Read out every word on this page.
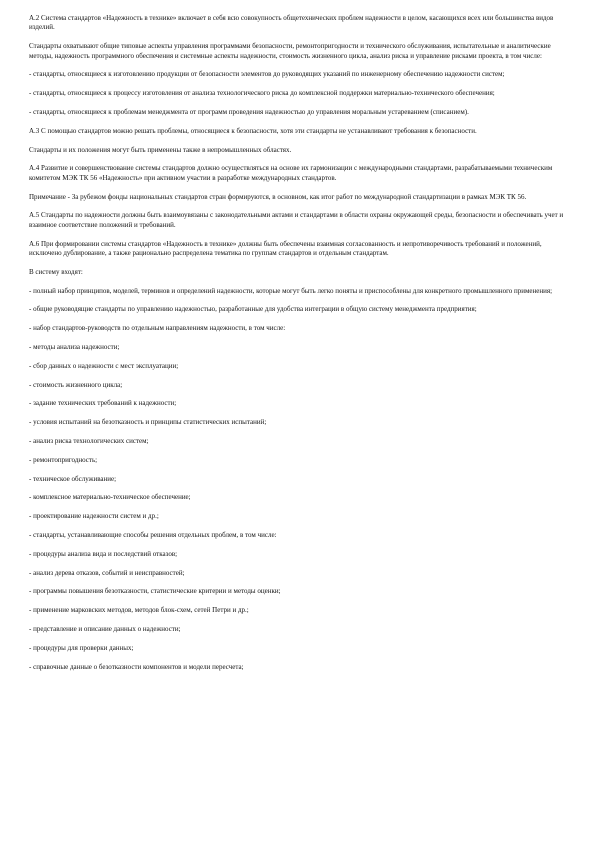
А.2 Система стандартов «Надежность в технике» включает в себя всю совокупность общетехнических проблем надежности в целом, касающихся всех или большинства видов изделий.

Стандарты охватывают общие типовые аспекты управления программами безопасности, ремонтопригодности и технического обслуживания, испытательные и аналитические методы, надежность программного обеспечения и системные аспекты надежности, стоимость жизненного цикла, анализ риска и управление рисками проекта, в том числе:

- стандарты, относящиеся к изготовлению продукции от безопасности элементов до руководящих указаний по инженерному обеспечению надежности систем;

- стандарты, относящиеся к процессу изготовления от анализа технологического риска до комплексной поддержки материально-технического обеспечения;

- стандарты, относящиеся к проблемам менеджмента от программ проведения надежностью до управления моральным устареванием (списанием).

А.3 С помощью стандартов можно решать проблемы, относящиеся к безопасности, хотя эти стандарты не устанавливают требования к безопасности.

Стандарты и их положения могут быть применены также в непромышленных областях.

А.4 Развитие и совершенствование системы стандартов должно осуществляться на основе их гармонизации с международными стандартами, разрабатываемыми техническим комитетом МЭК ТК 56 «Надежность» при активном участии в разработке международных стандартов.

Примечание - За рубежом фонды национальных стандартов стран формируются, в основном, как итог работ по международной стандартизации в рамках МЭК ТК 56.

А.5 Стандарты по надежности должны быть взаимоувязаны с законодательными актами и стандартами в области охраны окружающей среды, безопасности и обеспечивать учет и взаимное соответствие положений и требований.

А.6 При формировании системы стандартов «Надежность в технике» должны быть обеспечены взаимная согласованность и непротиворечивость требований и положений, исключено дублирование, а также рационально распределена тематика по группам стандартов и отдельным стандартам.

В систему входят:

- полный набор принципов, моделей, терминов и определений надежности, которые могут быть легко поняты и приспособлены для конкретного промышленного применения;

- общие руководящие стандарты по управлению надежностью, разработанные для удобства интеграции в общую систему менеджмента предприятия;

- набор стандартов-руководств по отдельным направлениям надежности, в том числе:

- методы анализа надежности;

- сбор данных о надежности с мест эксплуатации;

- стоимость жизненного цикла;

- задание технических требований к надежности;

- условия испытаний на безотказность и принципы статистических испытаний;

- анализ риска технологических систем;

- ремонтопригодность;

- техническое обслуживание;

- комплексное материально-техническое обеспечение;

- проектирование надежности систем и др.;

- стандарты, устанавливающие способы решения отдельных проблем, в том числе:

- процедуры анализа вида и последствий отказов;

- анализ дерева отказов, событий и неисправностей;

- программы повышения безотказности, статистические критерии и методы оценки;

- применение марковских методов, методов блок-схем, сетей Петри и др.;

- представление и описание данных о надежности;

- процедуры для проверки данных;

- справочные данные о безотказности компонентов и модели пересчета;
